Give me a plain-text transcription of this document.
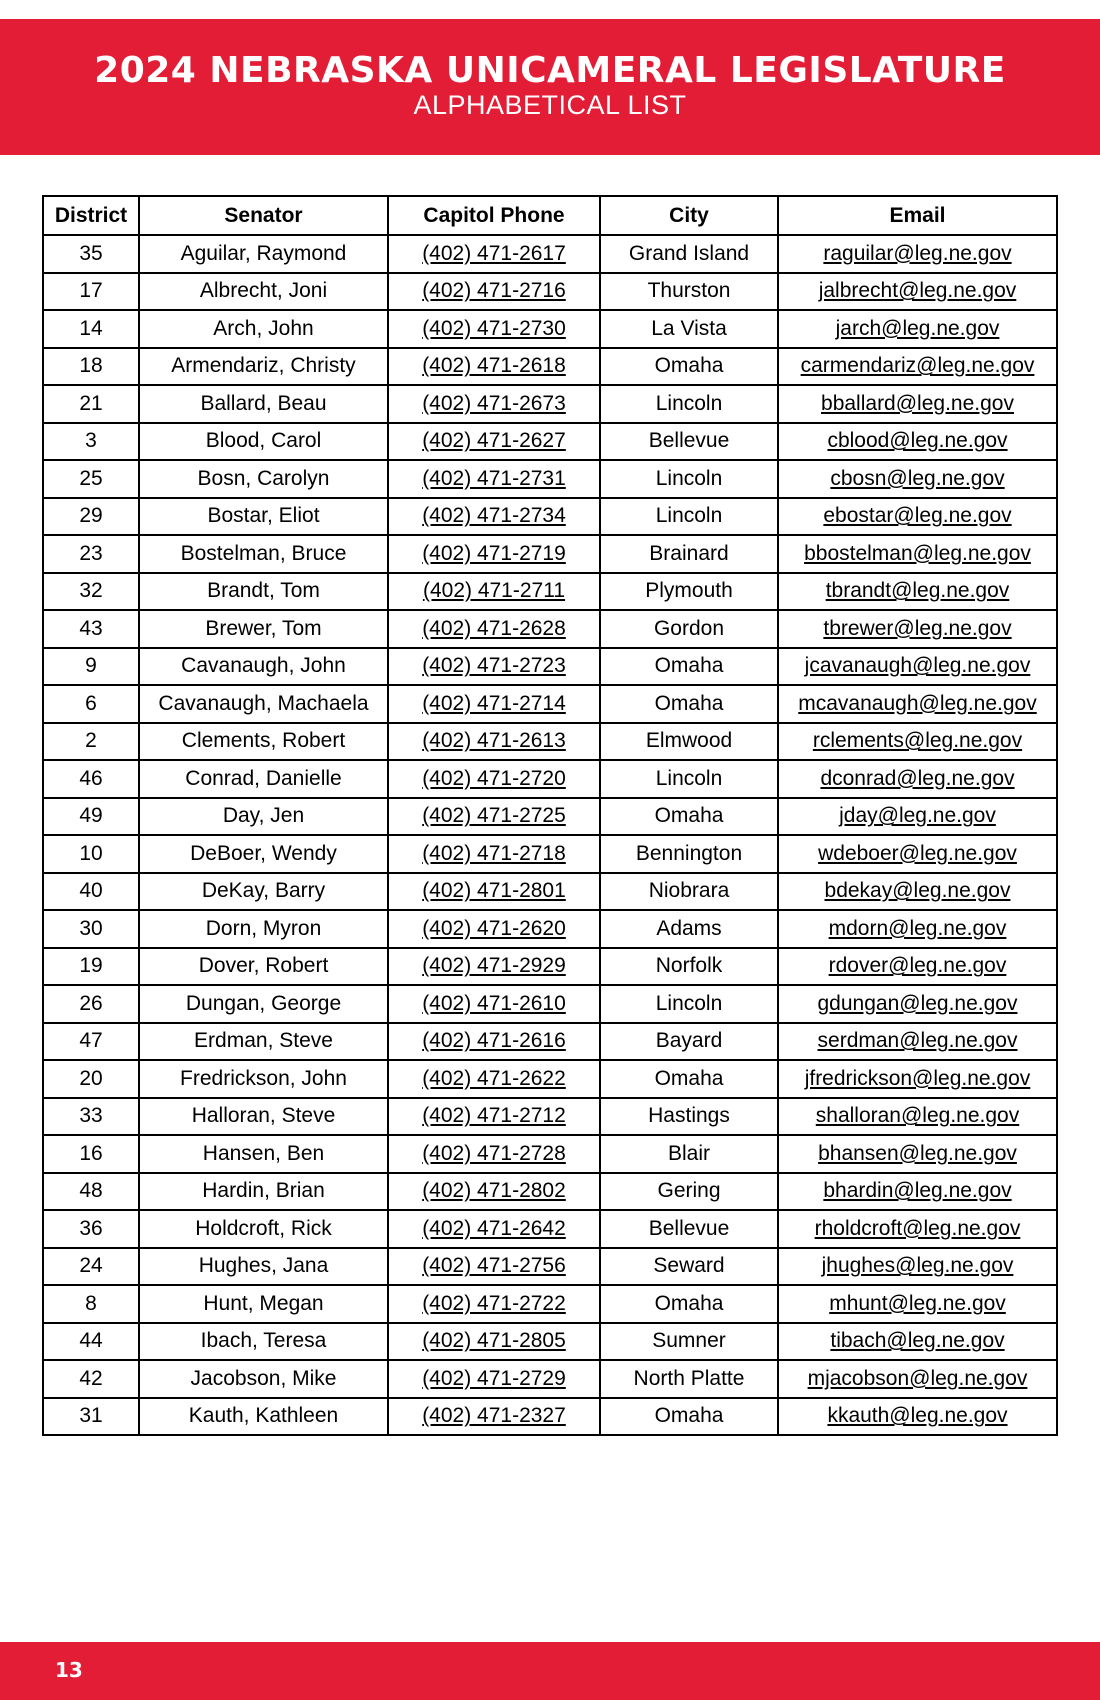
2024 NEBRASKA UNICAMERAL LEGISLATURE
ALPHABETICAL LIST
District	Senator	Capitol Phone	City	Email
35	Aguilar, Raymond	(402) 471-2617	Grand Island	raguilar@leg.ne.gov
17	Albrecht, Joni	(402) 471-2716	Thurston	jalbrecht@leg.ne.gov
14	Arch, John	(402) 471-2730	La Vista	jarch@leg.ne.gov
18	Armendariz, Christy	(402) 471-2618	Omaha	carmendariz@leg.ne.gov
21	Ballard, Beau	(402) 471-2673	Lincoln	bballard@leg.ne.gov
3	Blood, Carol	(402) 471-2627	Bellevue	cblood@leg.ne.gov
25	Bosn, Carolyn	(402) 471-2731	Lincoln	cbosn@leg.ne.gov
29	Bostar, Eliot	(402) 471-2734	Lincoln	ebostar@leg.ne.gov
23	Bostelman, Bruce	(402) 471-2719	Brainard	bbostelman@leg.ne.gov
32	Brandt, Tom	(402) 471-2711	Plymouth	tbrandt@leg.ne.gov
43	Brewer, Tom	(402) 471-2628	Gordon	tbrewer@leg.ne.gov
9	Cavanaugh, John	(402) 471-2723	Omaha	jcavanaugh@leg.ne.gov
6	Cavanaugh, Machaela	(402) 471-2714	Omaha	mcavanaugh@leg.ne.gov
2	Clements, Robert	(402) 471-2613	Elmwood	rclements@leg.ne.gov
46	Conrad, Danielle	(402) 471-2720	Lincoln	dconrad@leg.ne.gov
49	Day, Jen	(402) 471-2725	Omaha	jday@leg.ne.gov
10	DeBoer, Wendy	(402) 471-2718	Bennington	wdeboer@leg.ne.gov
40	DeKay, Barry	(402) 471-2801	Niobrara	bdekay@leg.ne.gov
30	Dorn, Myron	(402) 471-2620	Adams	mdorn@leg.ne.gov
19	Dover, Robert	(402) 471-2929	Norfolk	rdover@leg.ne.gov
26	Dungan, George	(402) 471-2610	Lincoln	gdungan@leg.ne.gov
47	Erdman, Steve	(402) 471-2616	Bayard	serdman@leg.ne.gov
20	Fredrickson, John	(402) 471-2622	Omaha	jfredrickson@leg.ne.gov
33	Halloran, Steve	(402) 471-2712	Hastings	shalloran@leg.ne.gov
16	Hansen, Ben	(402) 471-2728	Blair	bhansen@leg.ne.gov
48	Hardin, Brian	(402) 471-2802	Gering	bhardin@leg.ne.gov
36	Holdcroft, Rick	(402) 471-2642	Bellevue	rholdcroft@leg.ne.gov
24	Hughes, Jana	(402) 471-2756	Seward	jhughes@leg.ne.gov
8	Hunt, Megan	(402) 471-2722	Omaha	mhunt@leg.ne.gov
44	Ibach, Teresa	(402) 471-2805	Sumner	tibach@leg.ne.gov
42	Jacobson, Mike	(402) 471-2729	North Platte	mjacobson@leg.ne.gov
31	Kauth, Kathleen	(402) 471-2327	Omaha	kkauth@leg.ne.gov
13
